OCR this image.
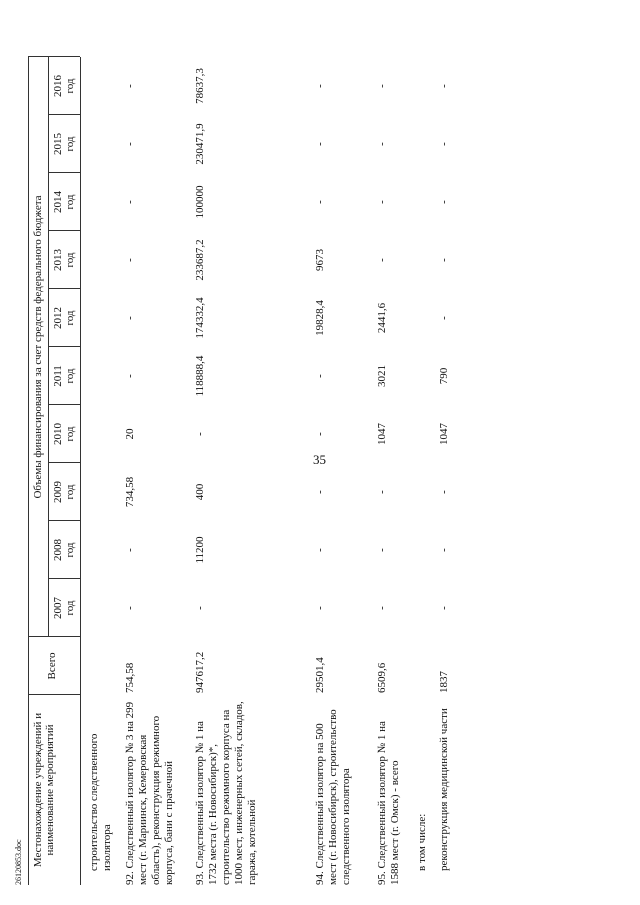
35
26120853.doc Местонахождение учреждений и наименование мероприятий
Всего
Объемы финансирования за счет средств федерального бюджета
2007 год
2008 год
2009 год
2010 год
2011 год
2012 год
2013 год
2014 год
2015 год
2016 год
строительство следственного изолятора 92. Следственный изолятор № 3 на 299 мест (г. Мариинск, Кемеровская область), реконструкция режимного корпуса, бани с прачечной
754,58
-
-
734,58
20
-
-
-
-
-
-
93. Следственный изолятор № 1 на 1732 места (г. Новосибирск)*, строительство режимного корпуса на 1000 мест, инженерных сетей, складов, гаража, котельной
947617,2
-
11200
400
-
118888,4
174332,4
233687,2
100000
230471,9
78637,3
94. Следственный изолятор на 500 мест (г. Новосибирск), строительство следственного изолятора
29501,4
-
-
-
-
-
19828,4
9673
-
-
-
95. Следственный изолятор № 1 на 1588 мест (г. Омск) - всего
6509,6
-
-
-
1047
3021
2441,6
-
-
-
-
в том числе: реконструкция медицинской части
1837
-
-
-
1047
790
-
-
-
-
-
